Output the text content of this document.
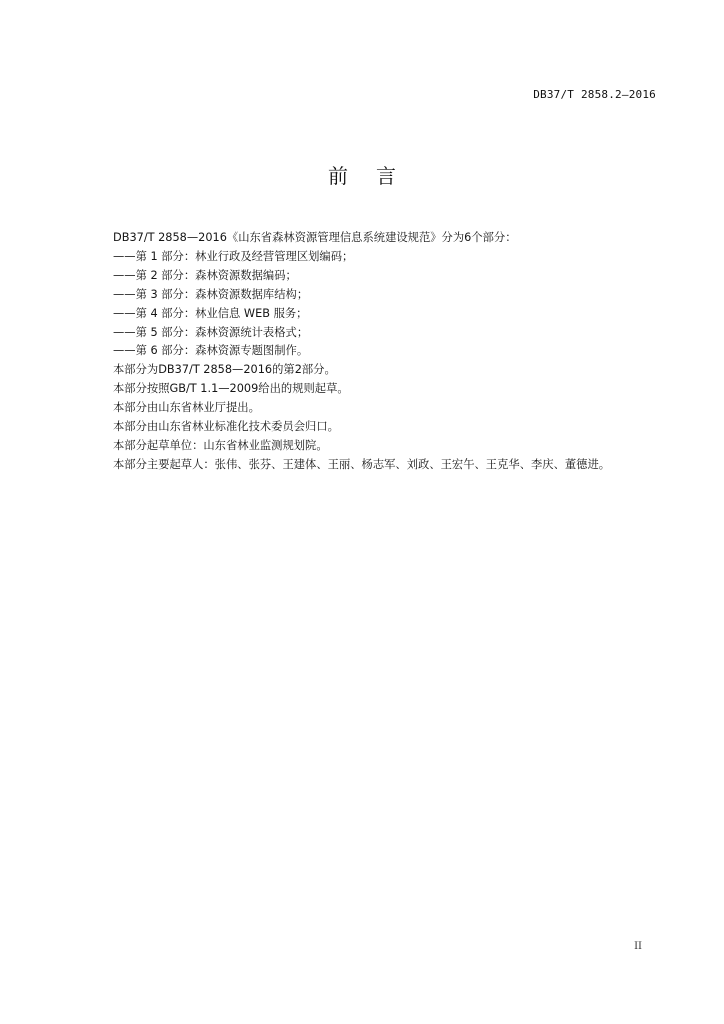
DB37/T 2858.2—2016
前言
DB37/T 2858—2016《山东省森林资源管理信息系统建设规范》分为6个部分：
——第 1 部分：林业行政及经营管理区划编码；
——第 2 部分：森林资源数据编码；
——第 3 部分：森林资源数据库结构；
——第 4 部分：林业信息 WEB 服务；
——第 5 部分：森林资源统计表格式；
——第 6 部分：森林资源专题图制作。
本部分为DB37/T 2858—2016的第2部分。
本部分按照GB/T 1.1—2009给出的规则起草。
本部分由山东省林业厅提出。
本部分由山东省林业标准化技术委员会归口。
本部分起草单位：山东省林业监测规划院。
本部分主要起草人：张伟、张芬、王建体、王丽、杨志军、刘政、王宏午、王克华、李庆、董德进。
II
